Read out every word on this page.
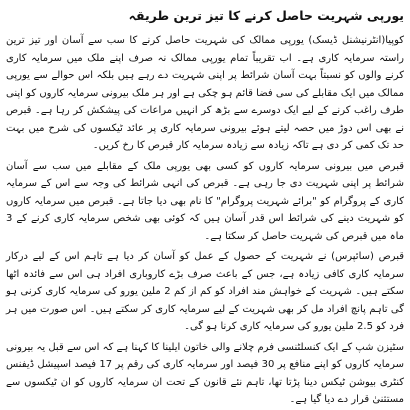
یورپی شہریت حاصل کرنے کا تیز ترین طریقہ

کوپیا(انٹرنیشنل ڈیسک) یورپی ممالک کی شہریت حاصل کرنے کا سب سے آسان اور تیز ترین راستہ سرمایہ کاری ہے۔ اب تقریباً تمام یورپی ممالک نہ صرف اپنے ملک میں سرمایہ کاری کرنے والوں کو نسبتاً بہت آسان شرائط پر اپنی شہریت دے رہے ہیں بلکہ اس حوالے سے یورپی ممالک میں ایک مقابلے کی سی فضا قائم ہو چکی ہے اور ہر ملک بیرونی سرمایہ کاروں کو اپنی طرف راغب کرنے کے لیے ایک دوسرے سے بڑھ کر انہیں مراعات کی پیشکش کر رہا ہے۔ قبرص نے بھی اس دوڑ میں حصہ لیتے ہوئے بیرونی سرمایہ کاری پر عائد ٹیکسوں کی شرح میں بہت حد تک کمی کر دی ہے تاکہ زیادہ سے زیادہ سرمایہ کار قبرص کا رخ کریں۔

قبرص میں بیرونی سرمایہ کاروں کو کسی بھی یورپی ملک کے مقابلے میں سب سے آسان شرائط پر اپنی شہریت دی جا رہی ہے۔ قبرص کی انہی شرائط کی وجہ سے اس کے سرمایہ کاری کے پروگرام کو "برائے شہریت پروگرام" کا نام بھی دیا جاتا ہے۔ قبرص میں سرمایہ کاروں کو شہریت دینے کی شرائط اس قدر آسان ہیں کہ کوئی بھی شخص سرمایہ کاری کرنے کے 3 ماہ میں قبرص کی شہریت حاصل کر سکتا ہے۔

قبرص (سائپرس) نے شہریت کے حصول کے عمل کو آسان کر دیا ہے تاہم اس کے لیے درکار سرمایہ کاری کافی زیادہ ہے، جس کے باعث صرف بڑے کاروباری افراد ہی اس سے فائدہ اٹھا سکتے ہیں۔ شہریت کے خواہش مند افراد کو کم از کم 2 ملین یورو کی سرمایہ کاری کرنی ہو گی تاہم پانچ افراد مل کر بھی شہریت کے لیے سرمایہ کاری کر سکتے ہیں۔ اس صورت میں ہر فرد کو 2.5 ملین یورو کی سرمایہ کاری کرنا ہو گی۔

سٹیزن شپ کے ایک کنسلٹنسی فرم چلانے والی خاتون ایلینا کا کہنا ہے کہ اس سے قبل یہ بیرونی سرمایہ کاروں کو اپنے منافع پر 30 فیصد اور سرمایہ کاری کی رقم پر 17 فیصد اسپیشل ڈیفنس کنٹری بیوشن ٹیکس دینا پڑتا تھا، تاہم نئے قانون کے تحت ان سرمایہ کاروں کو ان ٹیکسوں سے مستثنیٰ قرار دے دیا گیا ہے۔
